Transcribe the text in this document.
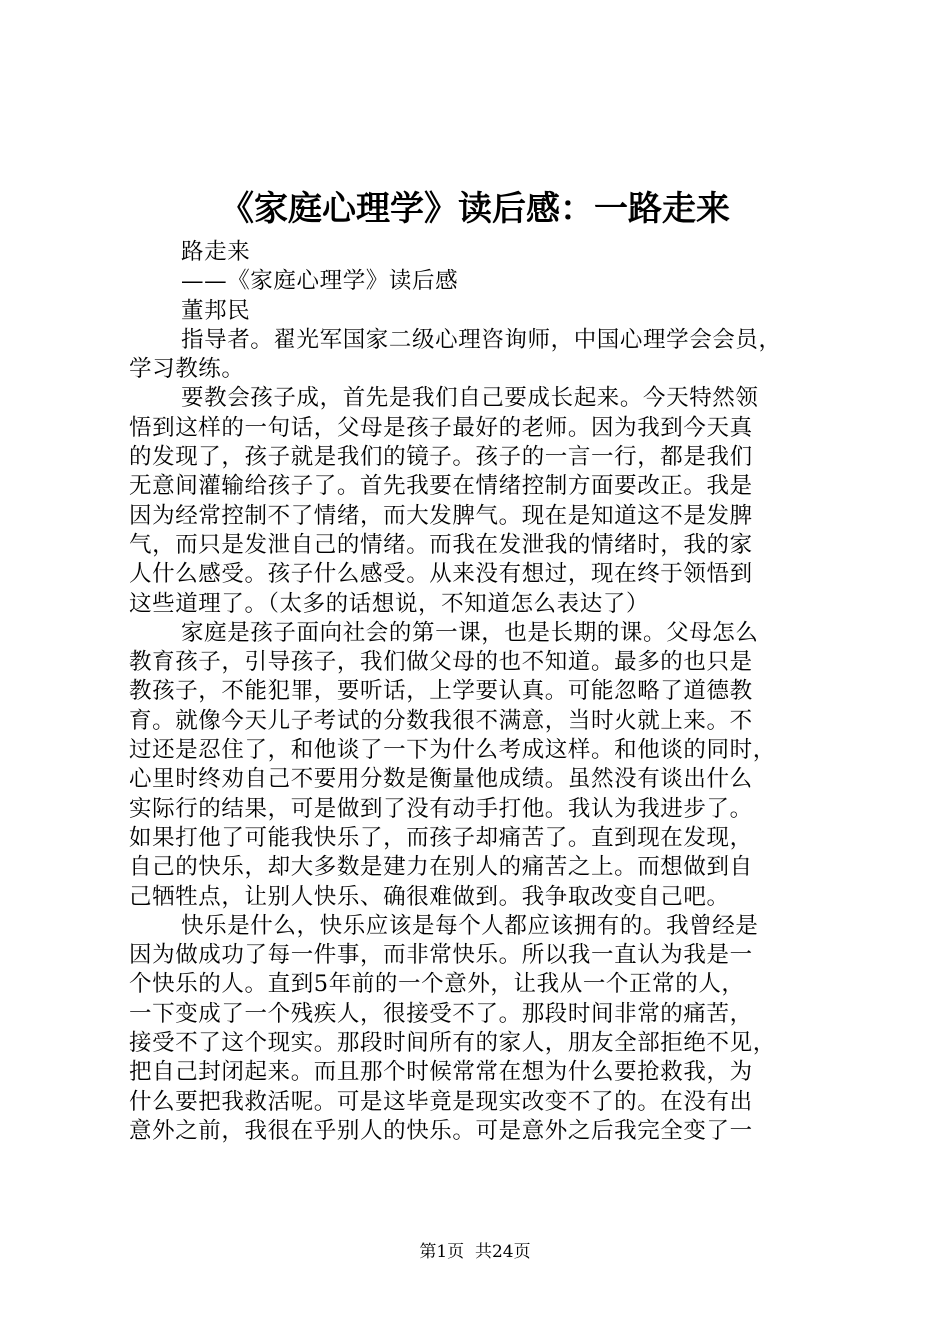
《家庭心理学》读后感：一路走来
路走来
——《家庭心理学》读后感
董邦民
指导者。翟光军国家二级心理咨询师，中国心理学会会员，
学习教练。
要教会孩子成，首先是我们自己要成长起来。今天特然领
悟到这样的一句话，父母是孩子最好的老师。因为我到今天真
的发现了，孩子就是我们的镜子。孩子的一言一行，都是我们
无意间灌输给孩子了。首先我要在情绪控制方面要改正。我是
因为经常控制不了情绪，而大发脾气。现在是知道这不是发脾
气，而只是发泄自己的情绪。而我在发泄我的情绪时，我的家
人什么感受。孩子什么感受。从来没有想过，现在终于领悟到
这些道理了。（太多的话想说，不知道怎么表达了）
家庭是孩子面向社会的第一课，也是长期的课。父母怎么
教育孩子，引导孩子，我们做父母的也不知道。最多的也只是
教孩子，不能犯罪，要听话，上学要认真。可能忽略了道德教
育。就像今天儿子考试的分数我很不满意，当时火就上来。不
过还是忍住了，和他谈了一下为什么考成这样。和他谈的同时，
心里时终劝自己不要用分数是衡量他成绩。虽然没有谈出什么
实际行的结果，可是做到了没有动手打他。我认为我进步了。
如果打他了可能我快乐了，而孩子却痛苦了。直到现在发现，
自己的快乐，却大多数是建力在别人的痛苦之上。而想做到自
己牺牲点，让别人快乐、确很难做到。我争取改变自己吧。
快乐是什么，快乐应该是每个人都应该拥有的。我曾经是
因为做成功了每一件事，而非常快乐。所以我一直认为我是一
个快乐的人。直到5年前的一个意外，让我从一个正常的人，
一下变成了一个残疾人，很接受不了。那段时间非常的痛苦，
接受不了这个现实。那段时间所有的家人，朋友全部拒绝不见，
把自己封闭起来。而且那个时候常常在想为什么要抢救我，为
什么要把我救活呢。可是这毕竟是现实改变不了的。在没有出
意外之前，我很在乎别人的快乐。可是意外之后我完全变了一
第1页  共24页
